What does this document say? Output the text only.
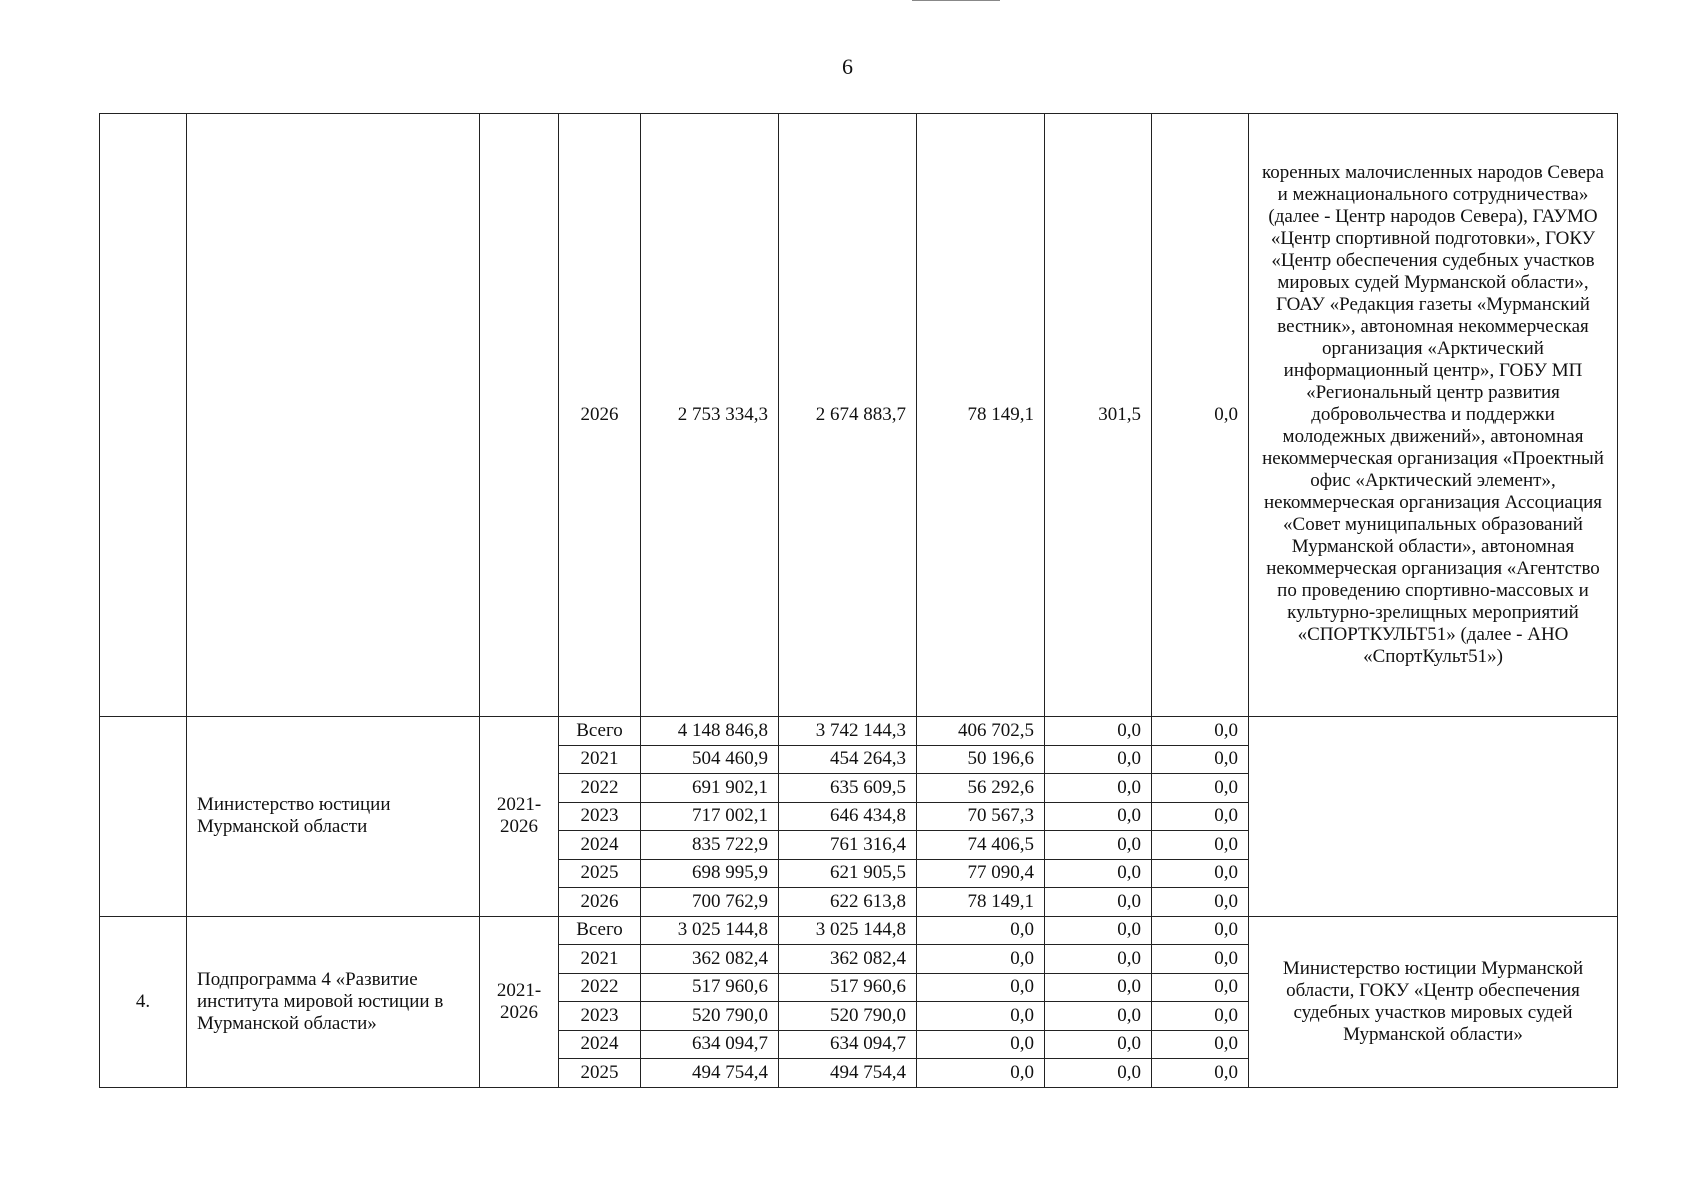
6
			2026	2 753 334,3	2 674 883,7	78 149,1	301,5	0,0	коренных малочисленных народов Севера и межнационального сотрудничества» (далее - Центр народов Севера), ГАУМО «Центр спортивной подготовки», ГОКУ «Центр обеспечения судебных участков мировых судей Мурманской области», ГОАУ «Редакция газеты «Мурманский вестник», автономная некоммерческая организация «Арктический информационный центр», ГОБУ МП «Региональный центр развития добровольчества и поддержки молодежных движений», автономная некоммерческая организация «Проектный офис «Арктический элемент», некоммерческая организация Ассоциация «Совет муниципальных образований Мурманской области», автономная некоммерческая организация «Агентство по проведению спортивно-массовых и культурно-зрелищных мероприятий «СПОРТКУЛЬТ51» (далее - АНО «СпортКульт51»)
	Министерство юстиции Мурманской области	2021-2026	Всего	4 148 846,8	3 742 144,3	406 702,5	0,0	0,0	
			2021	504 460,9	454 264,3	50 196,6	0,0	0,0	
			2022	691 902,1	635 609,5	56 292,6	0,0	0,0	
			2023	717 002,1	646 434,8	70 567,3	0,0	0,0	
			2024	835 722,9	761 316,4	74 406,5	0,0	0,0	
			2025	698 995,9	621 905,5	77 090,4	0,0	0,0	
			2026	700 762,9	622 613,8	78 149,1	0,0	0,0	
4.	Подпрограмма 4 «Развитие института мировой юстиции в Мурманской области»	2021-2026	Всего	3 025 144,8	3 025 144,8	0,0	0,0	0,0	Министерство юстиции Мурманской области, ГОКУ «Центр обеспечения судебных участков мировых судей Мурманской области»
			2021	362 082,4	362 082,4	0,0	0,0	0,0	
			2022	517 960,6	517 960,6	0,0	0,0	0,0	
			2023	520 790,0	520 790,0	0,0	0,0	0,0	
			2024	634 094,7	634 094,7	0,0	0,0	0,0	
			2025	494 754,4	494 754,4	0,0	0,0	0,0	
